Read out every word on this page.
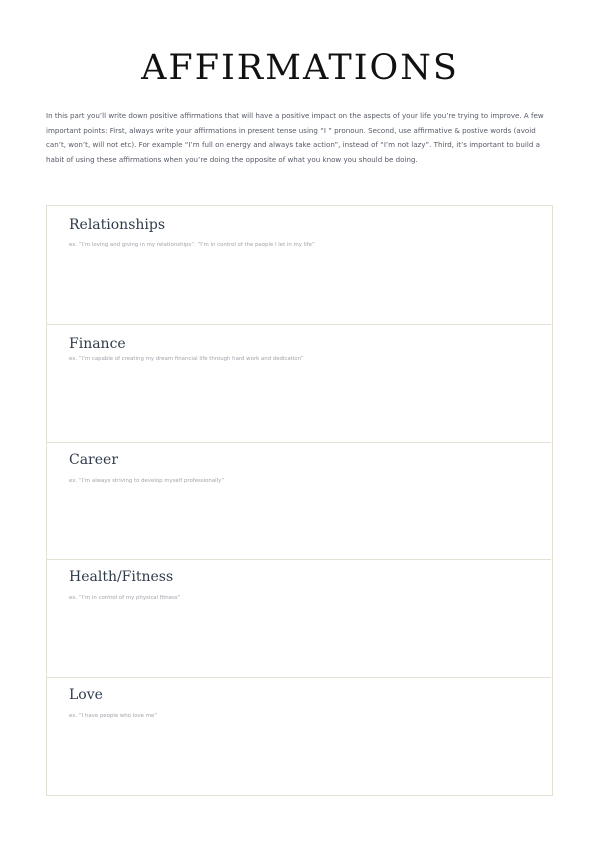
AFFIRMATIONS
In this part you’ll write down positive affirmations that will have a positive impact on the aspects of your life you’re trying to improve. A few important points: First, always write your affirmations in present tense using “I ” pronoun. Second, use affirmative & postive words (avoid can’t, won’t, will not etc). For example “I’m full on energy and always take action”, instead of “I’m not lazy”. Third, it’s important to build a habit of using these affirmations when you’re doing the opposite of what you know you should be doing.
Relationships
ex. “I’m loving and giving in my relationships”. “I’m in control of the people I let in my life”
Finance
ex. “I’m capable of creating my dream financial life through hard work and dedication”
Career
ex. “I’m always striving to develop myself professionally”
Health/Fitness
ex. “I’m in control of my physical fitness”
Love
ex. “I have people who love me”
